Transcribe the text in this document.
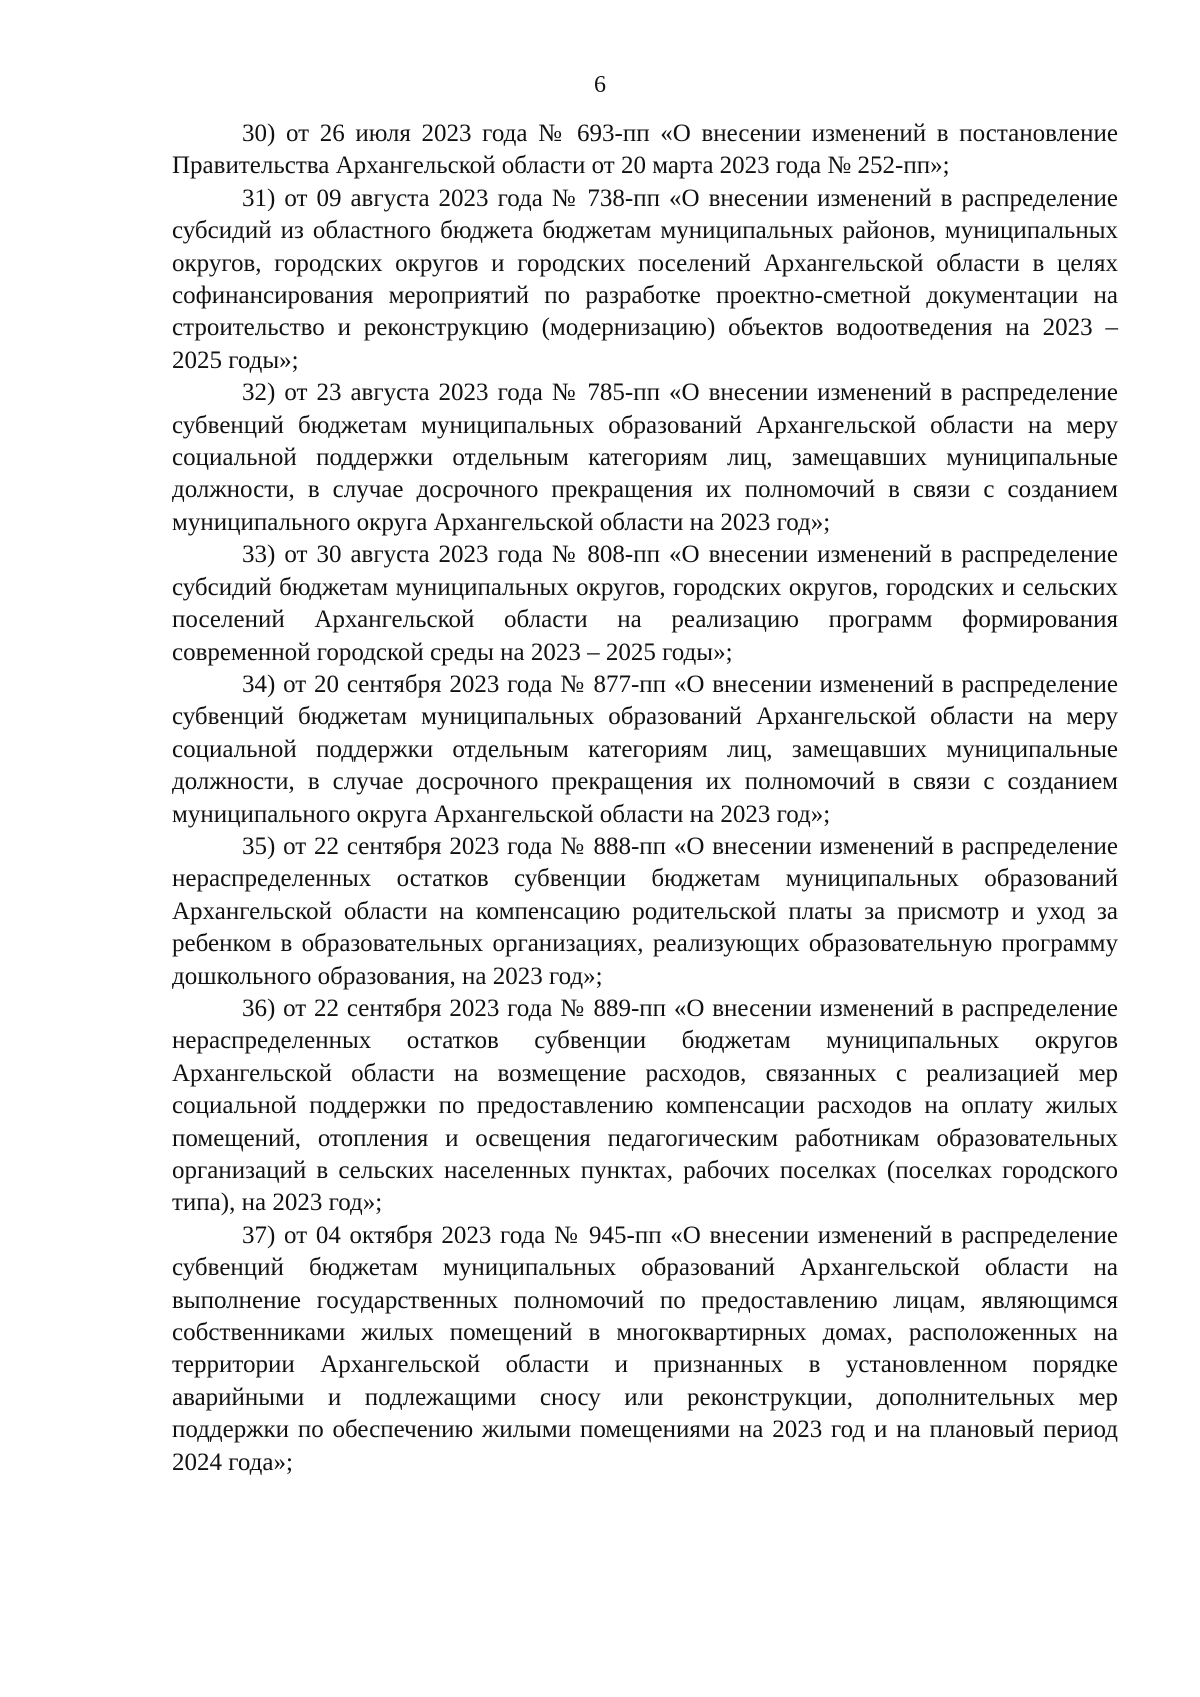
6

30) от 26 июля 2023 года № 693-пп «О внесении изменений в постановление Правительства Архангельской области от 20 марта 2023 года № 252-пп»;

31) от 09 августа 2023 года № 738-пп «О внесении изменений в распределение субсидий из областного бюджета бюджетам муниципальных районов, муниципальных округов, городских округов и городских поселений Архангельской области в целях софинансирования мероприятий по разработке проектно-сметной документации на строительство и реконструкцию (модернизацию) объектов водоотведения на 2023 – 2025 годы»;

32) от 23 августа 2023 года № 785-пп «О внесении изменений в распределение субвенций бюджетам муниципальных образований Архангельской области на меру социальной поддержки отдельным категориям лиц, замещавших муниципальные должности, в случае досрочного прекращения их полномочий в связи с созданием муниципального округа Архангельской области на 2023 год»;

33) от 30 августа 2023 года № 808-пп «О внесении изменений в распределение субсидий бюджетам муниципальных округов, городских округов, городских и сельских поселений Архангельской области на реализацию программ формирования современной городской среды на 2023 – 2025 годы»;

34) от 20 сентября 2023 года № 877-пп «О внесении изменений в распределение субвенций бюджетам муниципальных образований Архангельской области на меру социальной поддержки отдельным категориям лиц, замещавших муниципальные должности, в случае досрочного прекращения их полномочий в связи с созданием муниципального округа Архангельской области на 2023 год»;

35) от 22 сентября 2023 года № 888-пп «О внесении изменений в распределение нераспределенных остатков субвенции бюджетам муниципальных образований Архангельской области на компенсацию родительской платы за присмотр и уход за ребенком в образовательных организациях, реализующих образовательную программу дошкольного образования, на 2023 год»;

36) от 22 сентября 2023 года № 889-пп «О внесении изменений в распределение нераспределенных остатков субвенции бюджетам муниципальных округов Архангельской области на возмещение расходов, связанных с реализацией мер социальной поддержки по предоставлению компенсации расходов на оплату жилых помещений, отопления и освещения педагогическим работникам образовательных организаций в сельских населенных пунктах, рабочих поселках (поселках городского типа), на 2023 год»;

37) от 04 октября 2023 года № 945-пп «О внесении изменений в распределение субвенций бюджетам муниципальных образований Архангельской области на выполнение государственных полномочий по предоставлению лицам, являющимся собственниками жилых помещений в многоквартирных домах, расположенных на территории Архангельской области и признанных в установленном порядке аварийными и подлежащими сносу или реконструкции, дополнительных мер поддержки по обеспечению жилыми помещениями на 2023 год и на плановый период 2024 года»;
